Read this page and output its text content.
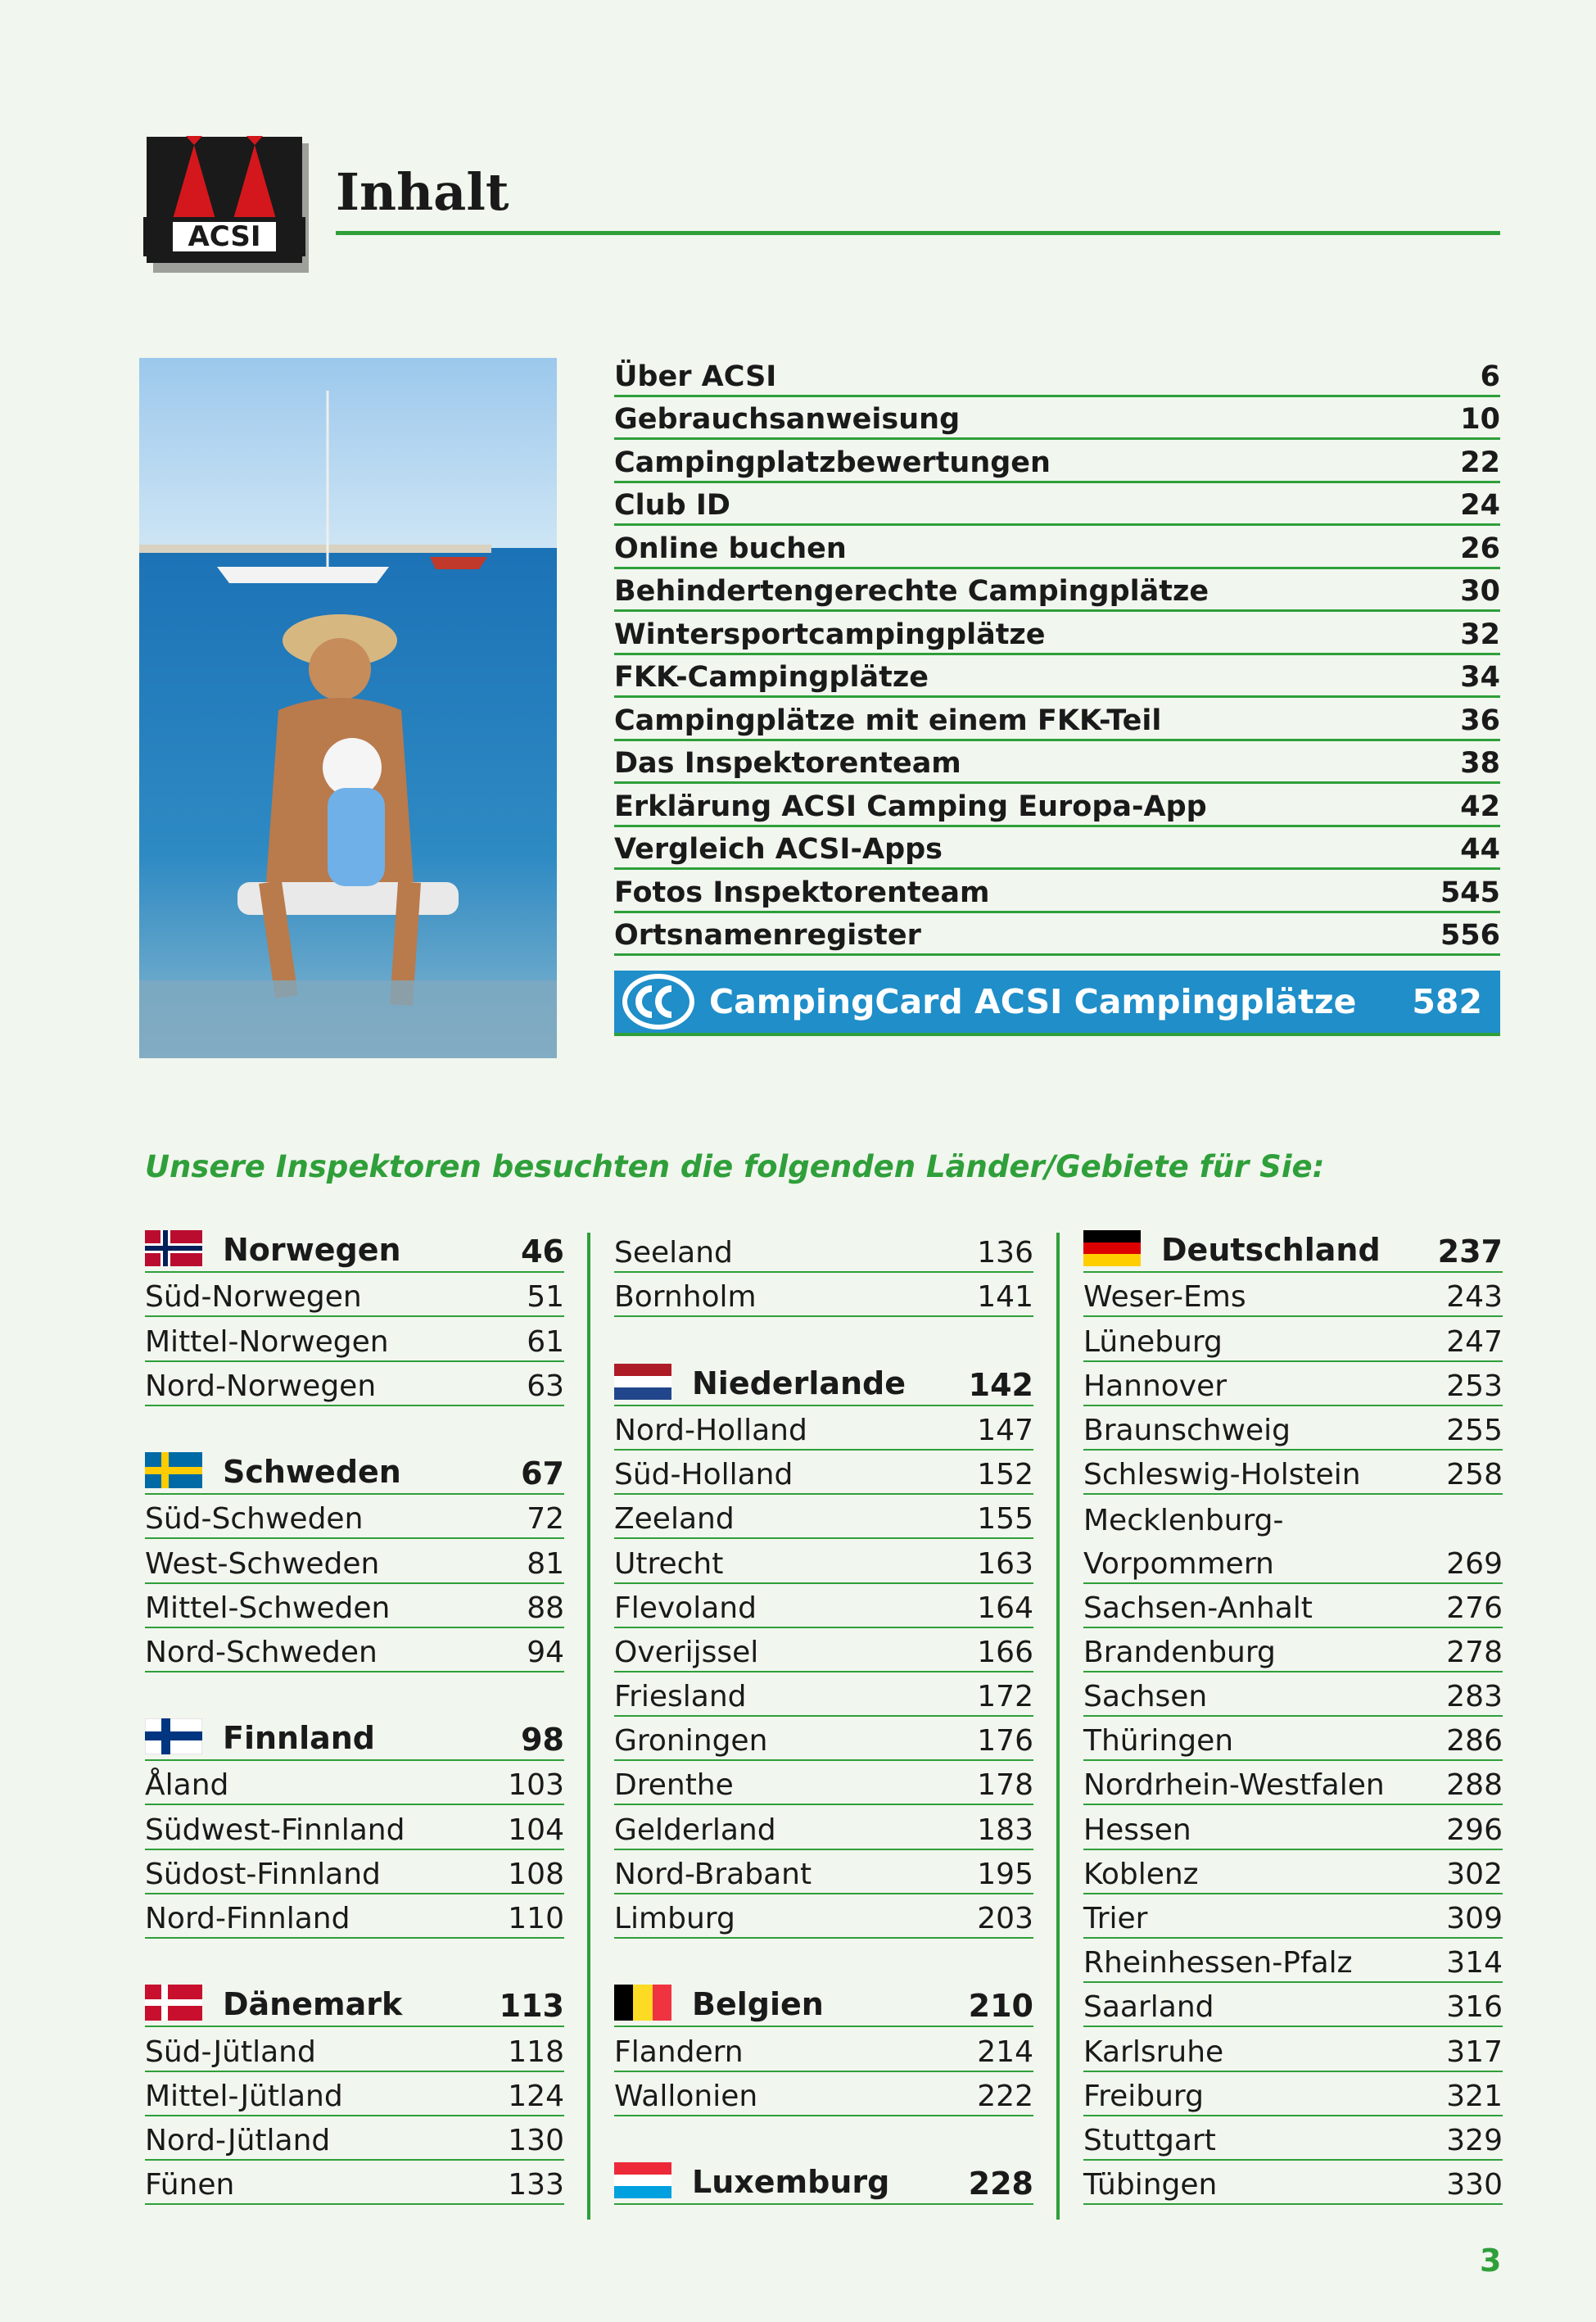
ACSI
Inhalt
Über ACSI	6
Gebrauchsanweisung	10
Campingplatzbewertungen	22
Club ID	24
Online buchen	26
Behindertengerechte Campingplätze	30
Wintersportcampingplätze	32
FKK-Campingplätze	34
Campingplätze mit einem FKK-Teil	36
Das Inspektorenteam	38
Erklärung ACSI Camping Europa-App	42
Vergleich ACSI-Apps	44
Fotos Inspektorenteam	545
Ortsnamenregister	556
CampingCard ACSI Campingplätze 582
Unsere Inspektoren besuchten die folgenden Länder/Gebiete für Sie:
Norwegen	46
Süd-Norwegen	51
Mittel-Norwegen	61
Nord-Norwegen	63
Schweden	67
Süd-Schweden	72
West-Schweden	81
Mittel-Schweden	88
Nord-Schweden	94
Finnland	98
Åland	103
Südwest-Finnland	104
Südost-Finnland	108
Nord-Finnland	110
Dänemark	113
Süd-Jütland	118
Mittel-Jütland	124
Nord-Jütland	130
Fünen	133
Seeland	136
Bornholm	141
Niederlande 142
Nord-Holland	147
Süd-Holland	152
Zeeland	155
Utrecht	163
Flevoland	164
Overijssel	166
Friesland	172
Groningen	176
Drenthe	178
Gelderland	183
Nord-Brabant	195
Limburg	203
Belgien	210
Flandern	214
Wallonien	222
Luxemburg	228
Deutschland 237
Weser-Ems	243
Lüneburg	247
Hannover	253
Braunschweig	255
Schleswig-Holstein	258
Mecklenburg-
Vorpommern	269
Sachsen-Anhalt	276
Brandenburg	278
Sachsen	283
Thüringen	286
Nordrhein-Westfalen 288
Hessen	296
Koblenz	302
Trier	309
Rheinhessen-Pfalz	314
Saarland	316
Karlsruhe	317
Freiburg	321
Stuttgart	329
Tübingen	330
3
